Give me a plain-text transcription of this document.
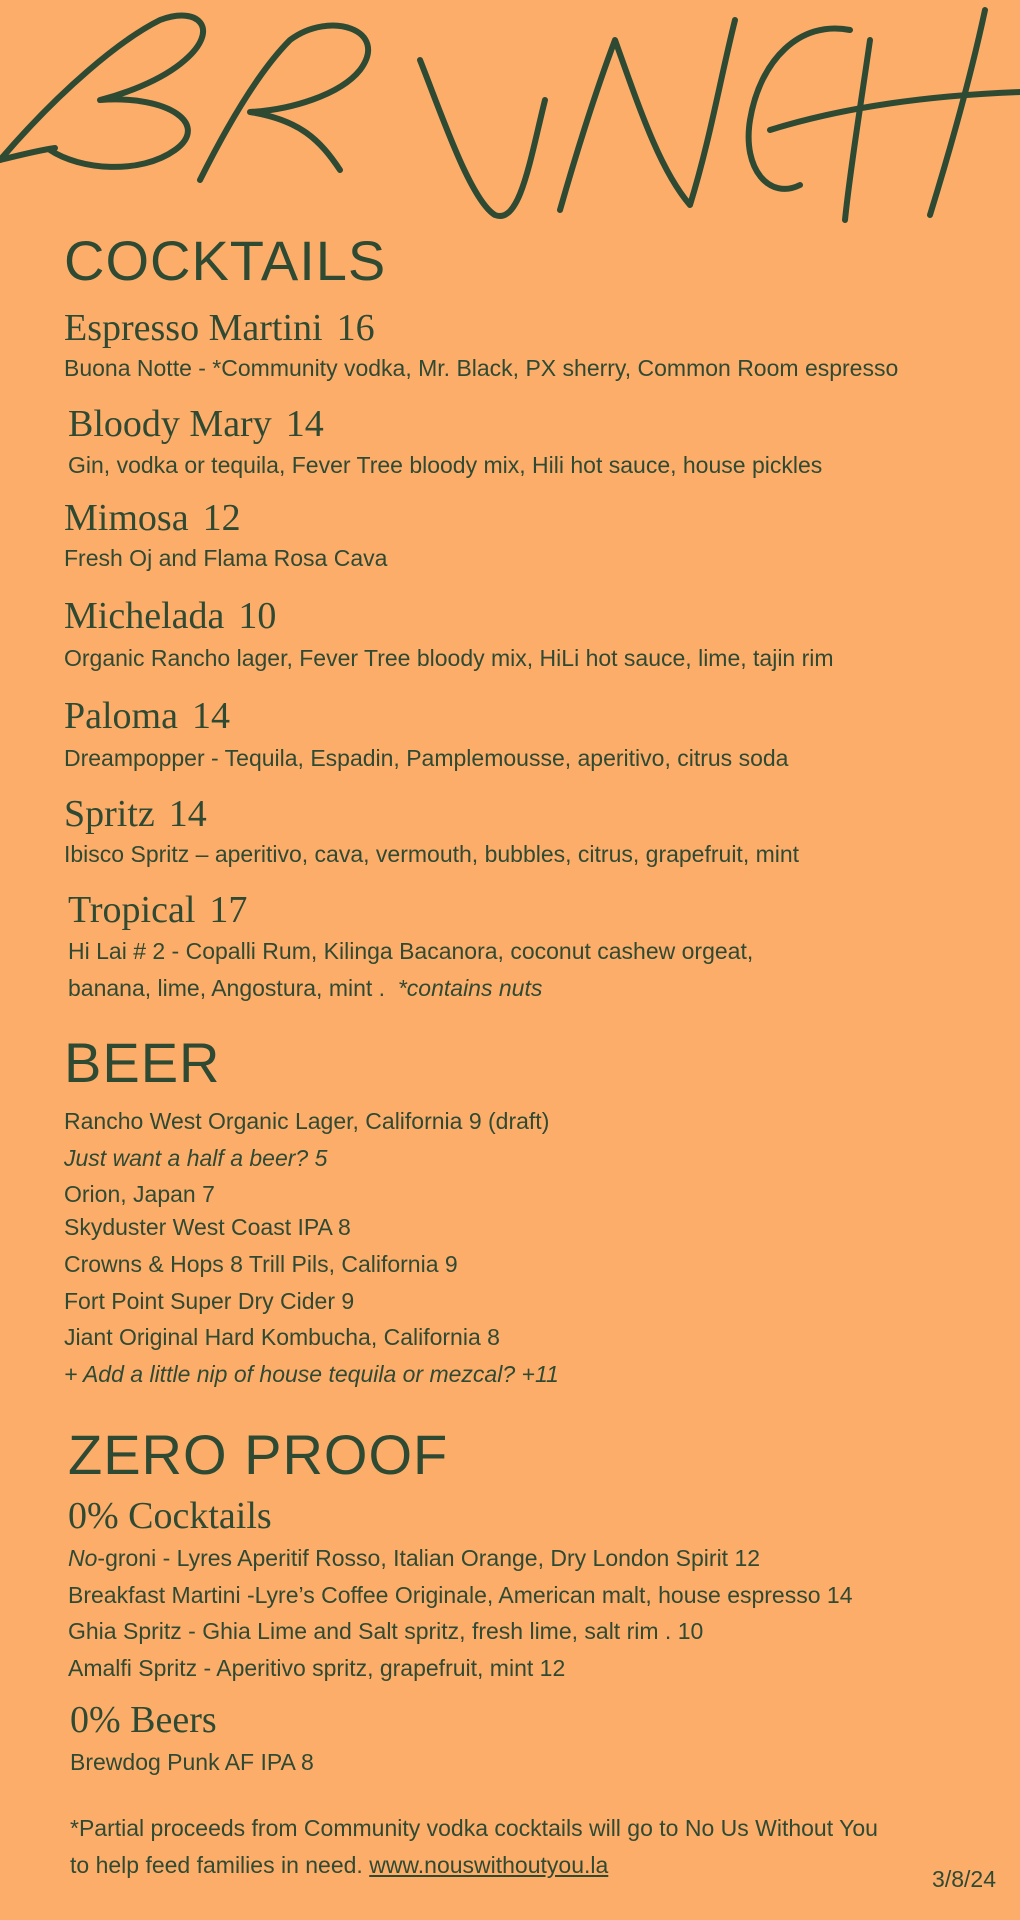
COCKTAILS
Espresso Martini 16
Buona Notte - *Community vodka, Mr. Black, PX sherry, Common Room espresso
Bloody Mary 14
Gin, vodka or tequila, Fever Tree bloody mix, Hili hot sauce, house pickles
Mimosa 12
Fresh Oj and Flama Rosa Cava
Michelada 10
Organic Rancho lager, Fever Tree bloody mix, HiLi hot sauce, lime, tajin rim
Paloma 14
Dreampopper - Tequila, Espadin, Pamplemousse, aperitivo, citrus soda
Spritz 14
Ibisco Spritz – aperitivo, cava, vermouth, bubbles, citrus, grapefruit, mint
Tropical 17
Hi Lai # 2 - Copalli Rum, Kilinga Bacanora, coconut cashew orgeat,
banana, lime, Angostura, mint . *contains nuts
BEER
Rancho West Organic Lager, California 9 (draft)
Just want a half a beer? 5
Orion, Japan 7
Skyduster West Coast IPA 8
Crowns & Hops 8 Trill Pils, California 9
Fort Point Super Dry Cider 9
Jiant Original Hard Kombucha, California 8
+ Add a little nip of house tequila or mezcal? +11
ZERO PROOF
0% Cocktails
No-groni - Lyres Aperitif Rosso, Italian Orange, Dry London Spirit 12
Breakfast Martini -Lyre’s Coffee Originale, American malt, house espresso 14
Ghia Spritz - Ghia Lime and Salt spritz, fresh lime, salt rim . 10
Amalfi Spritz - Aperitivo spritz, grapefruit, mint 12
0% Beers
Brewdog Punk AF IPA 8
*Partial proceeds from Community vodka cocktails will go to No Us Without You
to help feed families in need. www.nouswithoutyou.la
3/8/24
